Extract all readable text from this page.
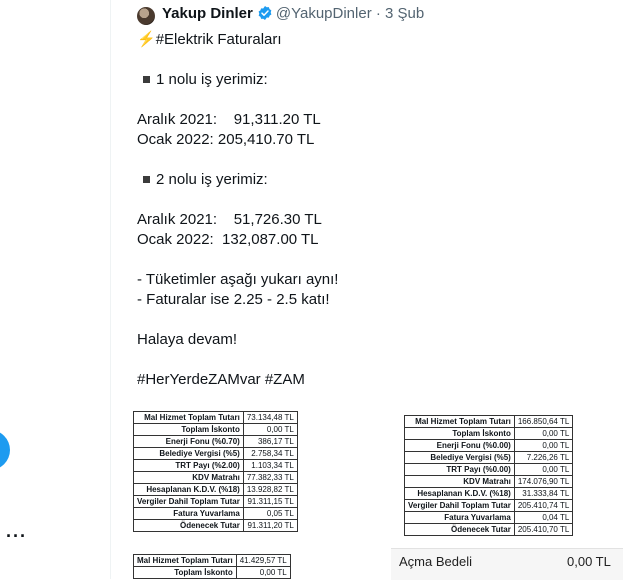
···
Yakup Dinler @YakupDinler · 3 Şub
⚡#Elektrik Faturaları
1 nolu iş yerimiz:
Aralık 2021:    91,311.20 TL
Ocak 2022: 205,410.70 TL
2 nolu iş yerimiz:
Aralık 2021:    51,726.30 TL
Ocak 2022:  132,087.00 TL
- Tüketimler aşağı yukarı aynı!
- Faturalar ise 2.25 - 2.5 katı!
Halaya devam!
#HerYerdeZAMvar #ZAM
Mal Hizmet Toplam Tutarı	73.134,48 TL
Toplam İskonto	0,00 TL
Enerji Fonu (%0.70)	386,17 TL
Belediye Vergisi (%5)	2.758,34 TL
TRT Payı (%2.00)	1.103,34 TL
KDV Matrahı	77.382,33 TL
Hesaplanan K.D.V. (%18)	13.928,82 TL
Vergiler Dahil Toplam Tutar	91.311,15 TL
Fatura Yuvarlama	0,05 TL
Ödenecek Tutar	91.311,20 TL
Mal Hizmet Toplam Tutarı	166.850,64 TL
Toplam İskonto	0,00 TL
Enerji Fonu (%0.00)	0,00 TL
Belediye Vergisi (%5)	7.226,26 TL
TRT Payı (%0.00)	0,00 TL
KDV Matrahı	174.076,90 TL
Hesaplanan K.D.V. (%18)	31.333,84 TL
Vergiler Dahil Toplam Tutar	205.410,74 TL
Fatura Yuvarlama	0,04 TL
Ödenecek Tutar	205.410,70 TL
Mal Hizmet Toplam Tutarı	41.429,57 TL
Toplam İskonto	0,00 TL
Açma Bedeli	0,00 TL
